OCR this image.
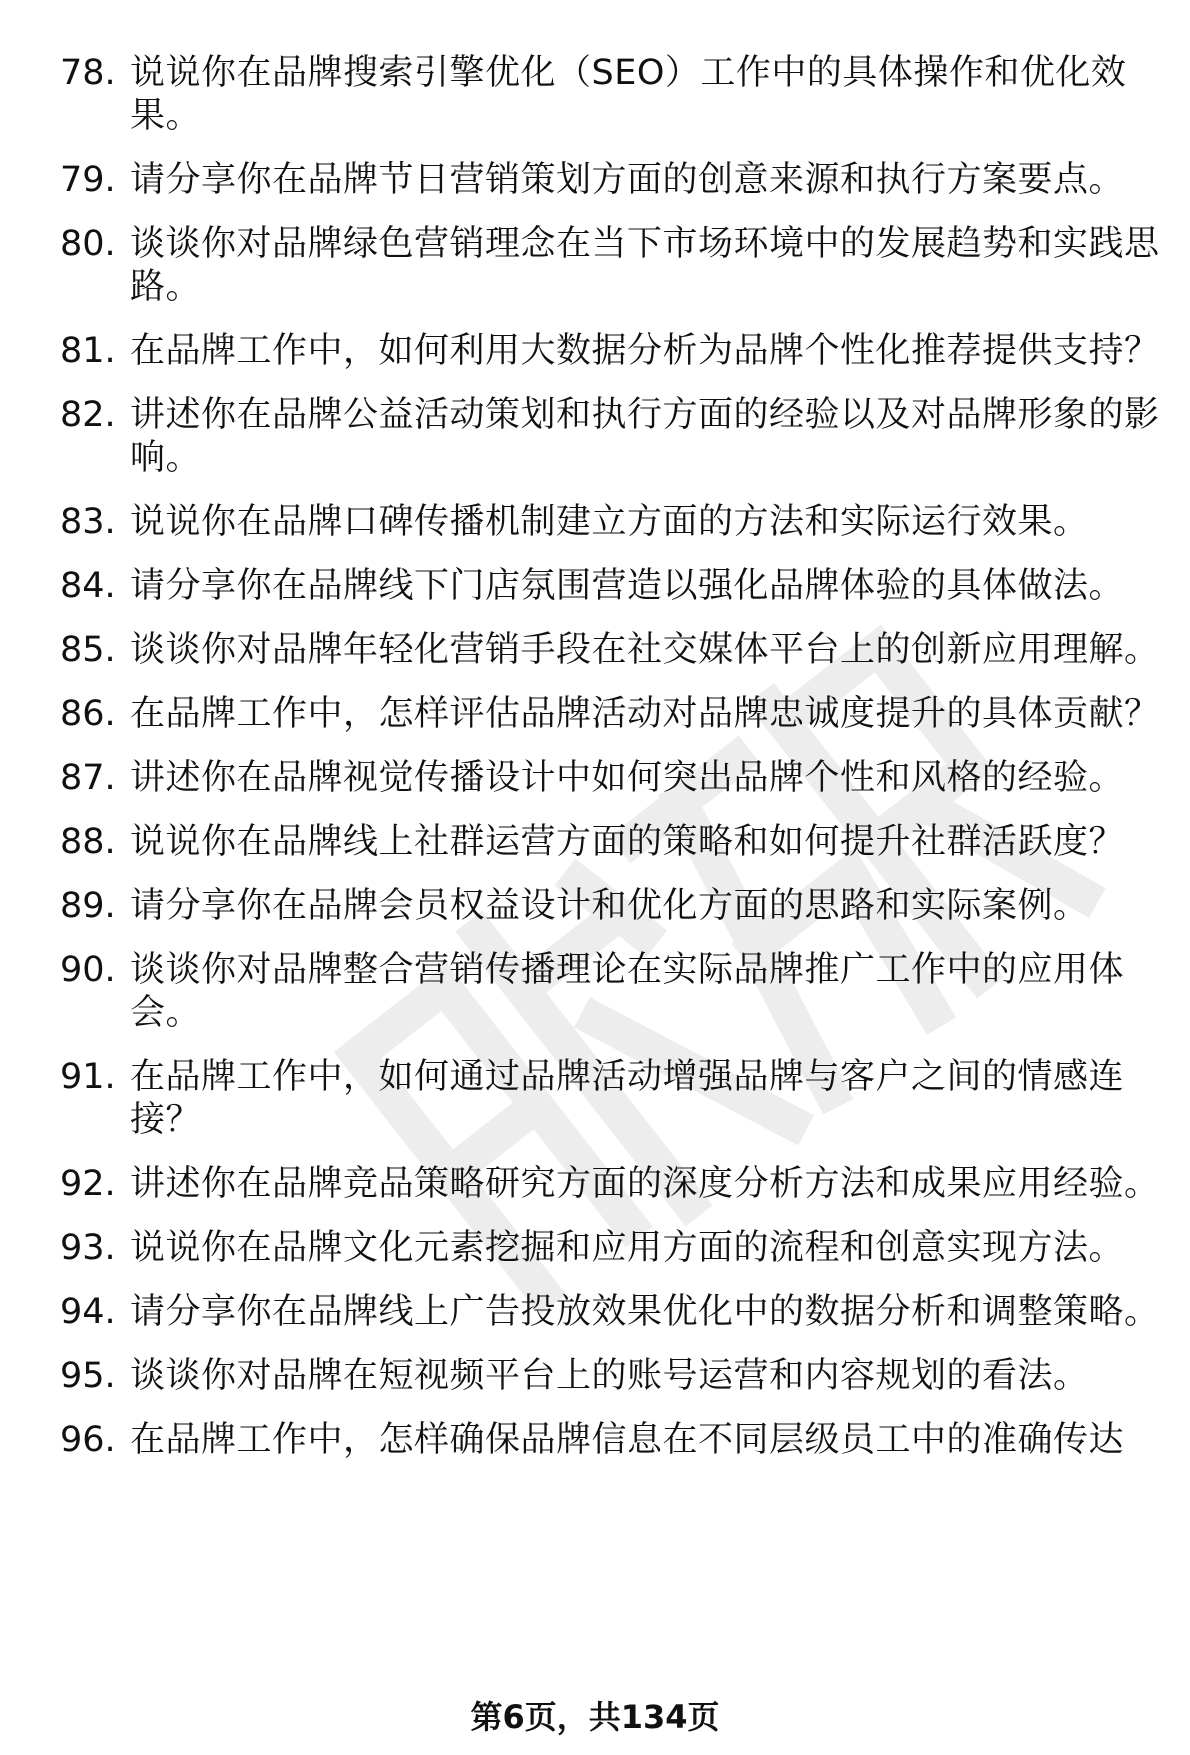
78. 说说你在品牌搜索引擎优化（SEO）工作中的具体操作和优化效果。
79. 请分享你在品牌节日营销策划方面的创意来源和执行方案要点。
80. 谈谈你对品牌绿色营销理念在当下市场环境中的发展趋势和实践思路。
81. 在品牌工作中，如何利用大数据分析为品牌个性化推荐提供支持？
82. 讲述你在品牌公益活动策划和执行方面的经验以及对品牌形象的影响。
83. 说说你在品牌口碑传播机制建立方面的方法和实际运行效果。
84. 请分享你在品牌线下门店氛围营造以强化品牌体验的具体做法。
85. 谈谈你对品牌年轻化营销手段在社交媒体平台上的创新应用理解。
86. 在品牌工作中，怎样评估品牌活动对品牌忠诚度提升的具体贡献？
87. 讲述你在品牌视觉传播设计中如何突出品牌个性和风格的经验。
88. 说说你在品牌线上社群运营方面的策略和如何提升社群活跃度？
89. 请分享你在品牌会员权益设计和优化方面的思路和实际案例。
90. 谈谈你对品牌整合营销传播理论在实际品牌推广工作中的应用体会。
91. 在品牌工作中，如何通过品牌活动增强品牌与客户之间的情感连接？
92. 讲述你在品牌竞品策略研究方面的深度分析方法和成果应用经验。
93. 说说你在品牌文化元素挖掘和应用方面的流程和创意实现方法。
94. 请分享你在品牌线上广告投放效果优化中的数据分析和调整策略。
95. 谈谈你对品牌在短视频平台上的账号运营和内容规划的看法。
96. 在品牌工作中，怎样确保品牌信息在不同层级员工中的准确传达
第6页，共134页
